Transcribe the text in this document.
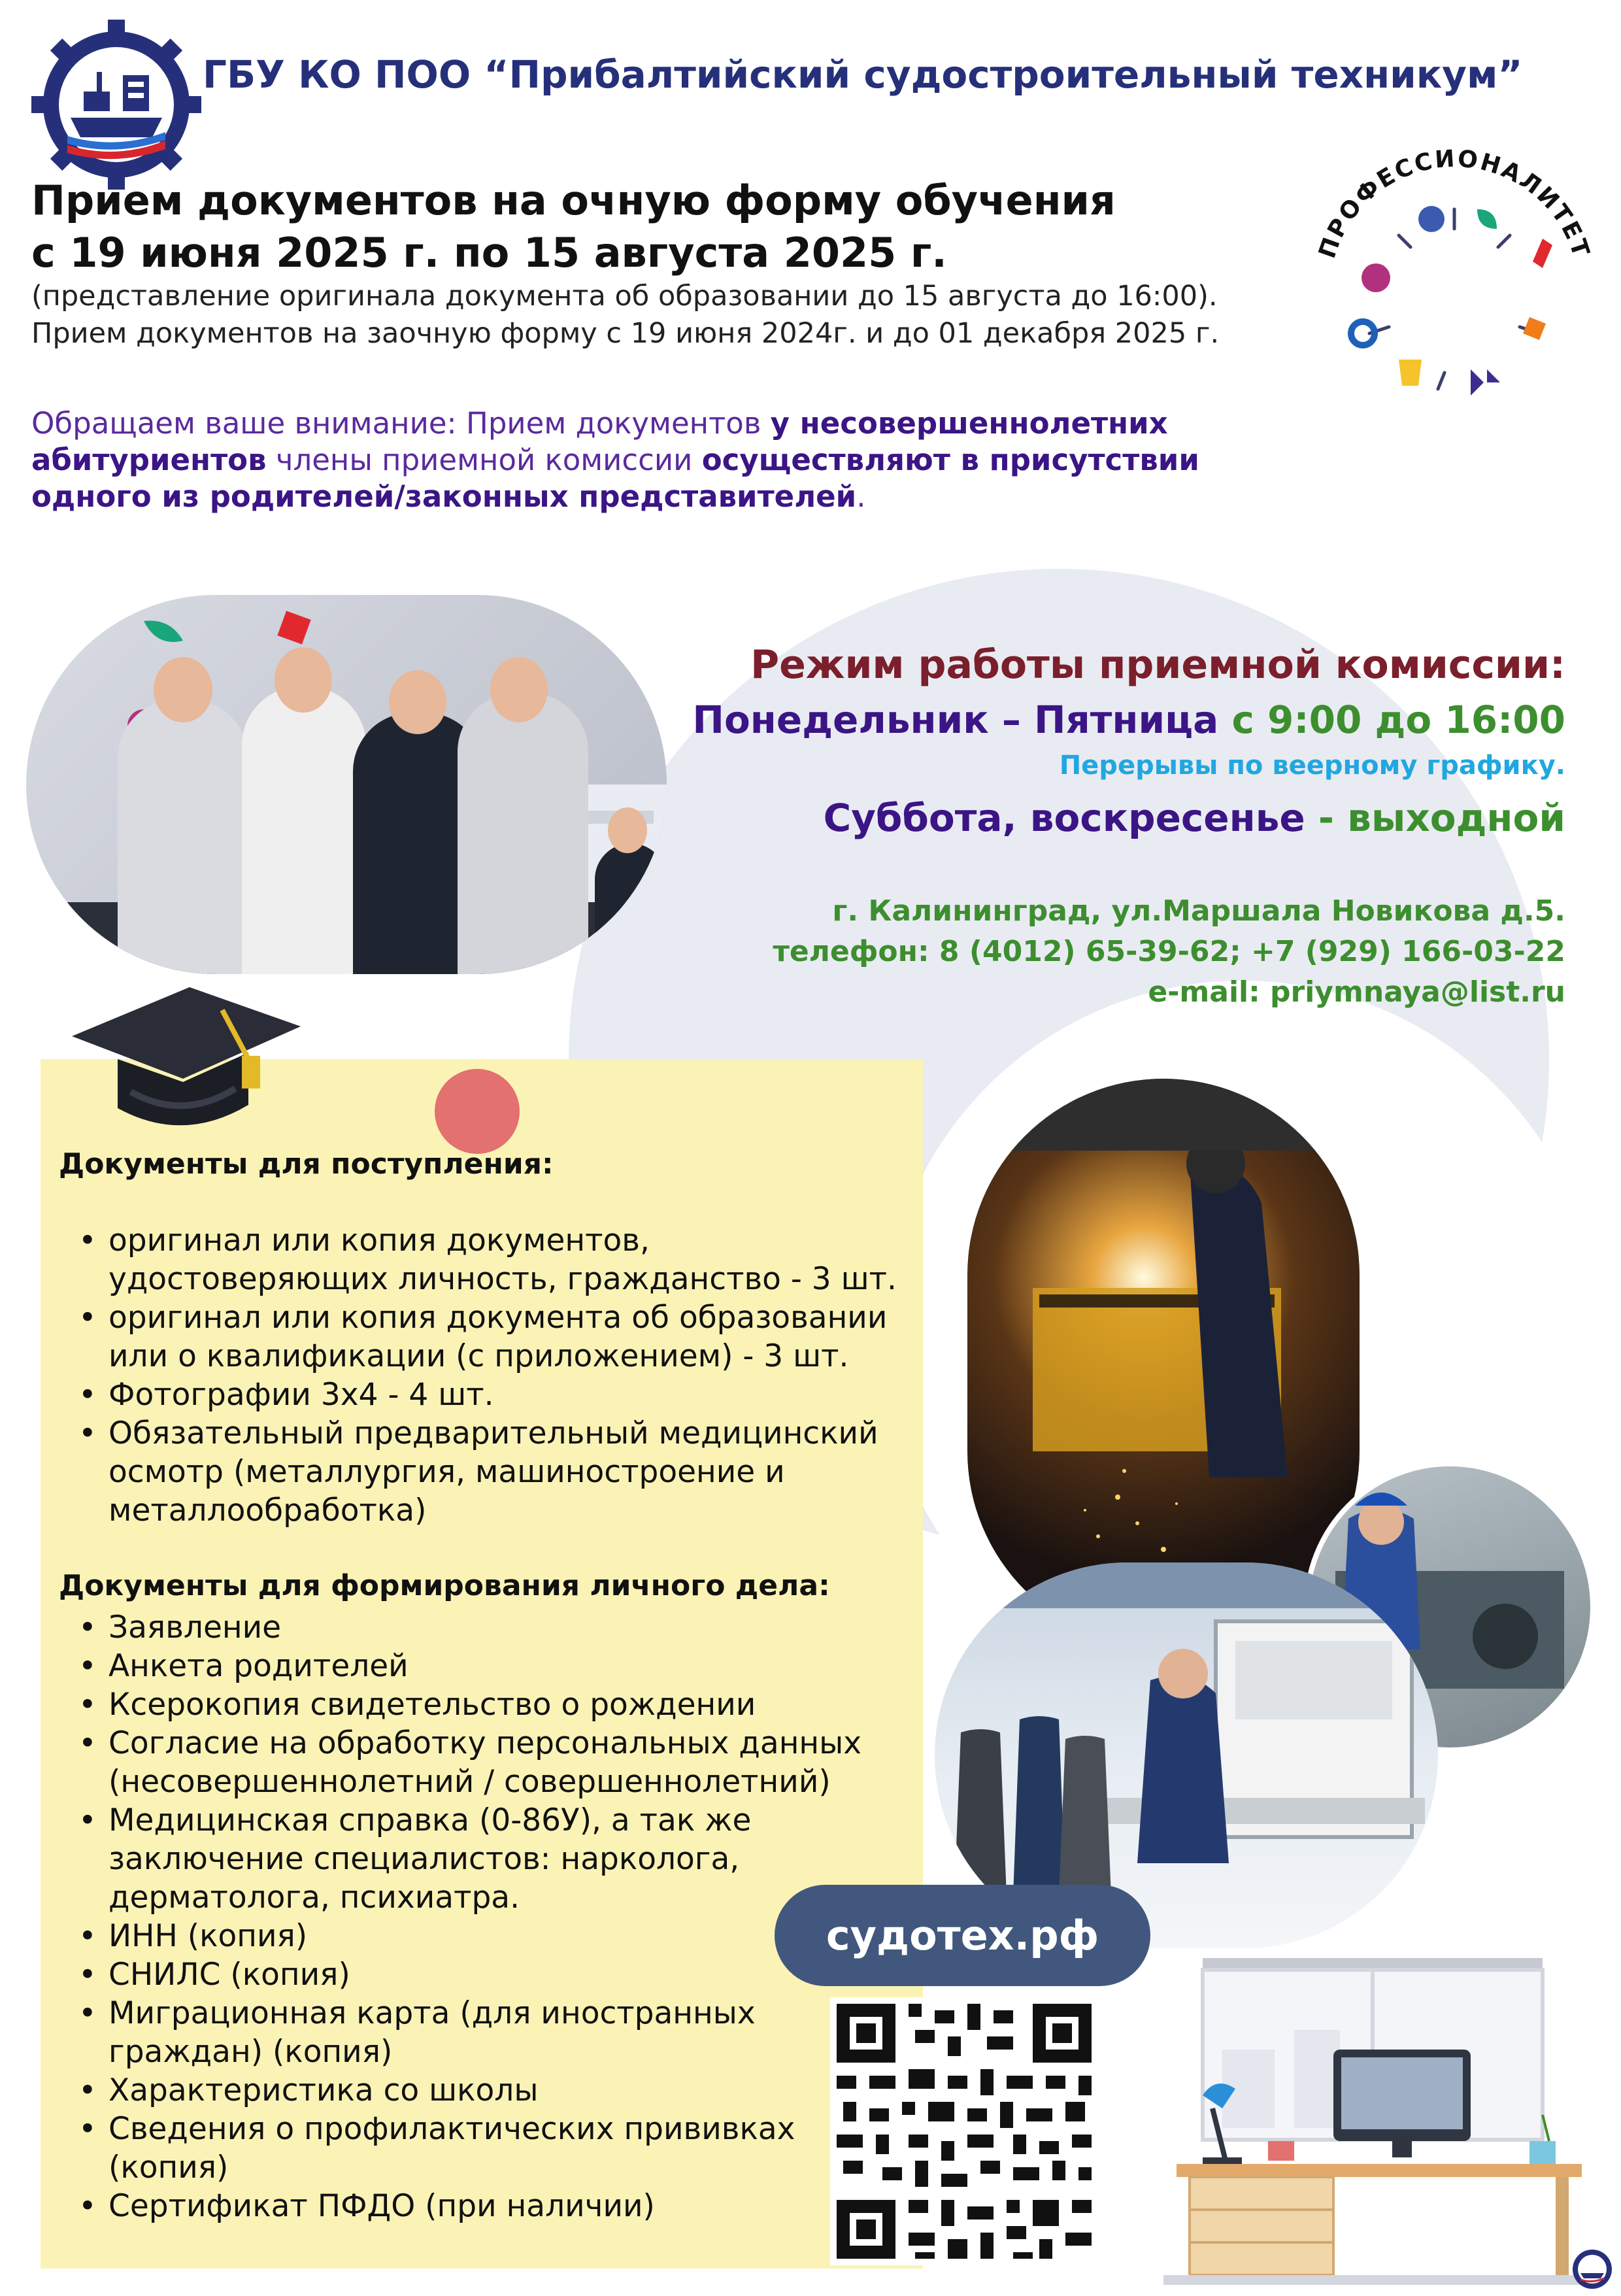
ГБУ КО ПОО “Прибалтийский судостроительный техникум”
Прием документов на очную форму обучения
с 19 июня 2025 г. по 15 августа 2025 г.
(представление оригинала документа об образовании до 15 августа до 16:00).
Прием документов на заочную форму с 19 июня 2024г. и до 01 декабря 2025 г.
ПРОФЕССИОНАЛИТЕТ
Обращаем ваше внимание: Прием документов у несовершеннолетних абитуриентов члены приемной комиссии осуществляют в присутствии одного из родителей/законных представителей.
Режим работы приемной комиссии:
Понедельник – Пятница с 9:00 до 16:00
Перерывы по веерному графику.
Суббота, воскресенье - выходной
г. Калининград, ул.Маршала Новикова д.5.
телефон: 8 (4012) 65-39-62; +7 (929) 166-03-22
e-mail: priymnaya@list.ru
Документы для поступления:
• оригинал или копия документов, удостоверяющих личность, гражданство - 3 шт.
• оригинал или копия документа об образовании или о квалификации (с приложением) - 3 шт.
• Фотографии 3х4 - 4 шт.
• Обязательный предварительный медицинский осмотр (металлургия, машиностроение и металлообработка)
Документы для формирования личного дела:
• Заявление
• Анкета родителей
• Ксерокопия свидетельство о рождении
• Согласие на обработку персональных данных (несовершеннолетний / совершеннолетний)
• Медицинская справка (0-86У), а так же заключение специалистов: нарколога, дерматолога, психиатра.
• ИНН (копия)
• СНИЛС (копия)
• Миграционная карта (для иностранных граждан) (копия)
• Характеристика со школы
• Сведения о профилактических прививках (копия)
• Сертификат ПФДО (при наличии)
судотех.рф
